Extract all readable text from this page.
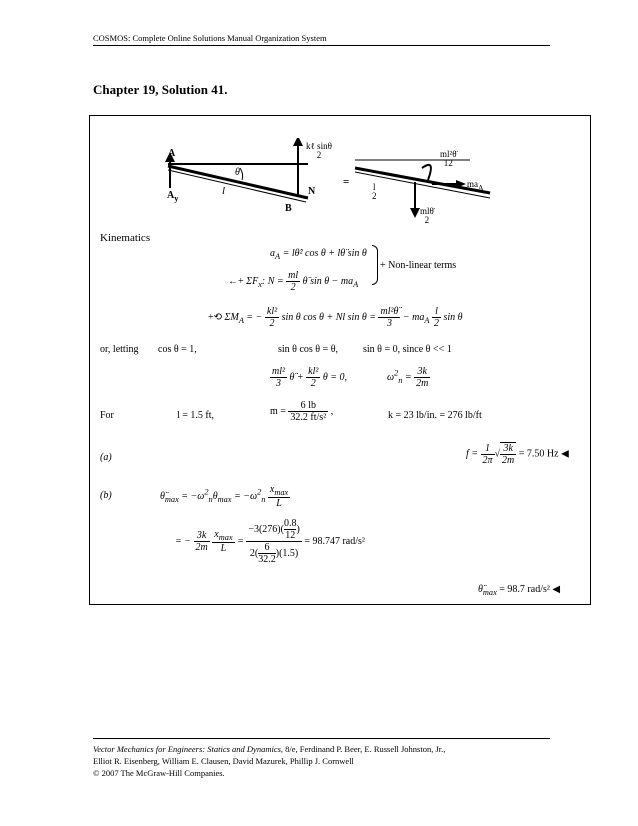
COSMOS: Complete Online Solutions Manual Organization System
Chapter 19, Solution 41.
A
$A_y$
θ
l	N
B
=
kℓ sinθ
2	ml²θ̈
12
$ma_A$
l
2
mlθ̈
2
Kinematics
$a_A$ = lθ̇² cos θ + lθ̈ sin θ
←+ $\Sigma F_x$: $N = \frac{ml}{2}$ θ̈ $\sin \theta - ma_A$
+ Non-linear terms
+⟲ $\Sigma M_A$ = − $\frac{\text{kl²}}{2}$ sin θ cos θ + Nl $\sin \theta = \frac{\text{ml²θ̈}}{3} - ma_A \frac{l}{2}$ sin θ
or, letting cos θ = 1,	sin θ cos θ = θ, sin θ = 0, since θ << 1
$\frac{\text{ml²}}{3}$ θ̈ + $\frac{\text{kl²}}{2}$ θ = 0,	$\omega^2_n = \frac{3k}{2m}$
For	l = 1.5 ft,	$m = \frac{6 lb}{\text{32.2 ft/s²}}$ ,	k = 23 lb/in. = 276 lb/ft
(a)	$f = \frac{1}{2\pi}$ √ $\frac{3k}{2m} = 7.50$ Hz ◀
(b)	$\thetä_{max} = -\omega^2_n\theta_{max} = -\omega^2_n \frac{x_{max}}{L}$
= − $\frac{3k}{2m}$
$\frac{x_{max}}{L} = \frac{-3(276)( \frac{0.8}{12} )}{2( \frac{6}{32.2} )(1.5)} = 98.747$ rad/s²
$\thetä_{max} = 98.7$ rad/s² ◀
Vector Mechanics for Engineers: Statics and Dynamics, 8/e, Ferdinand P. Beer, E. Russell Johnston, Jr.,
Elliot R. Eisenberg, William E. Clausen, David Mazurek, Phillip J. Cornwell
© 2007 The McGraw-Hill Companies.
